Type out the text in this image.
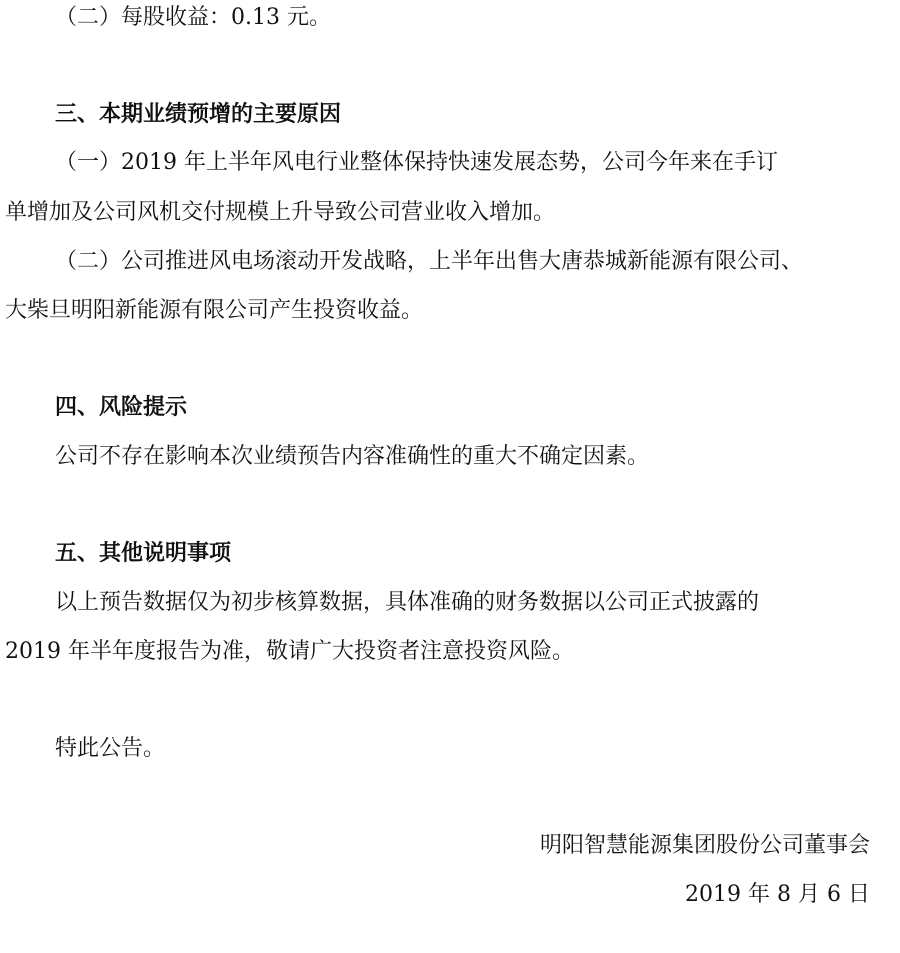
（二）每股收益：0.13 元。

三、本期业绩预增的主要原因

（一）2019 年上半年风电行业整体保持快速发展态势，公司今年来在手订

单增加及公司风机交付规模上升导致公司营业收入增加。

（二）公司推进风电场滚动开发战略，上半年出售大唐恭城新能源有限公司、

大柴旦明阳新能源有限公司产生投资收益。

四、风险提示

公司不存在影响本次业绩预告内容准确性的重大不确定因素。

五、其他说明事项

以上预告数据仅为初步核算数据，具体准确的财务数据以公司正式披露的

2019 年半年度报告为准，敬请广大投资者注意投资风险。

特此公告。

明阳智慧能源集团股份公司董事会

2019 年 8 月 6 日
